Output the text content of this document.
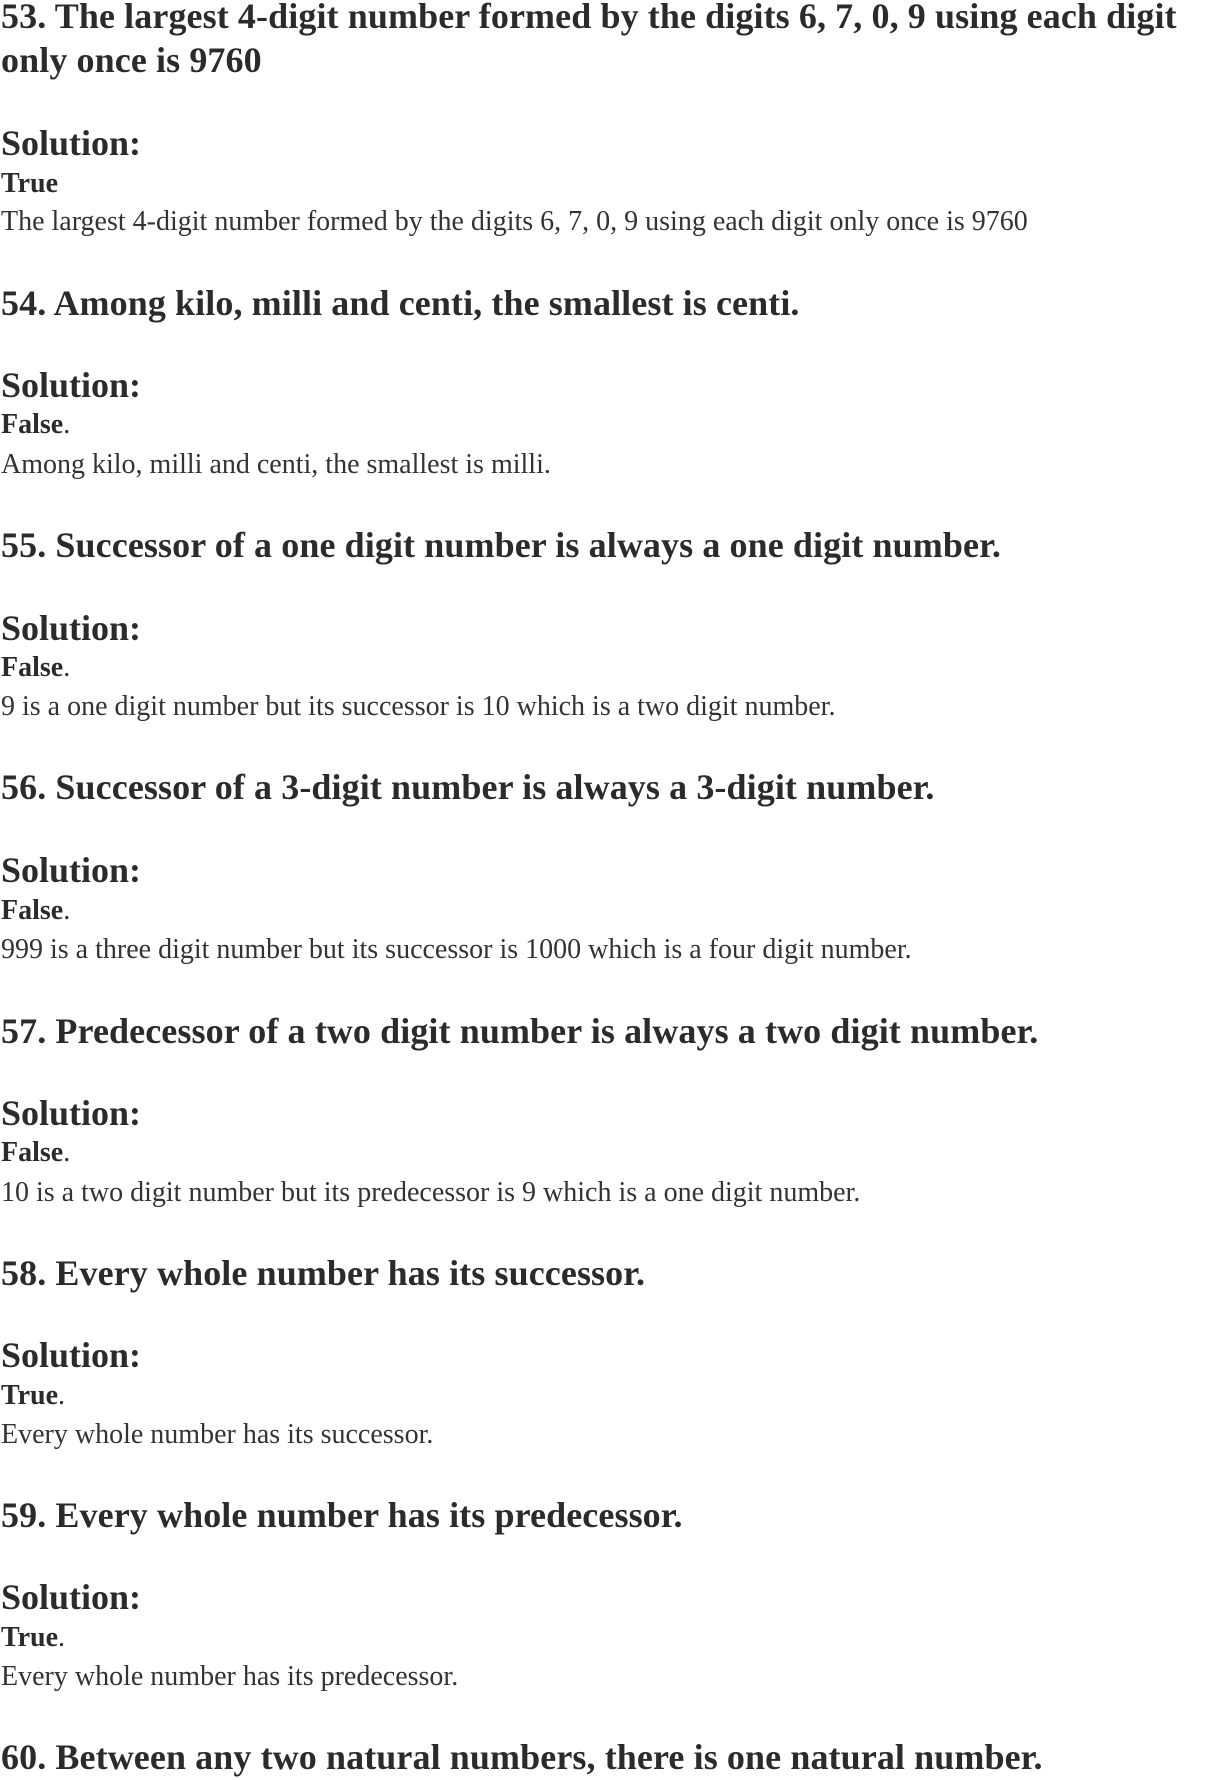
53. The largest 4-digit number formed by the digits 6, 7, 0, 9 using each digit only once is 9760
Solution:
True
The largest 4-digit number formed by the digits 6, 7, 0, 9 using each digit only once is 9760
54. Among kilo, milli and centi, the smallest is centi.
Solution:
False.
Among kilo, milli and centi, the smallest is milli.
55. Successor of a one digit number is always a one digit number.
Solution:
False.
9 is a one digit number but its successor is 10 which is a two digit number.
56. Successor of a 3-digit number is always a 3-digit number.
Solution:
False.
999 is a three digit number but its successor is 1000 which is a four digit number.
57. Predecessor of a two digit number is always a two digit number.
Solution:
False.
10 is a two digit number but its predecessor is 9 which is a one digit number.
58. Every whole number has its successor.
Solution:
True.
Every whole number has its successor.
59. Every whole number has its predecessor.
Solution:
True.
Every whole number has its predecessor.
60. Between any two natural numbers, there is one natural number.
